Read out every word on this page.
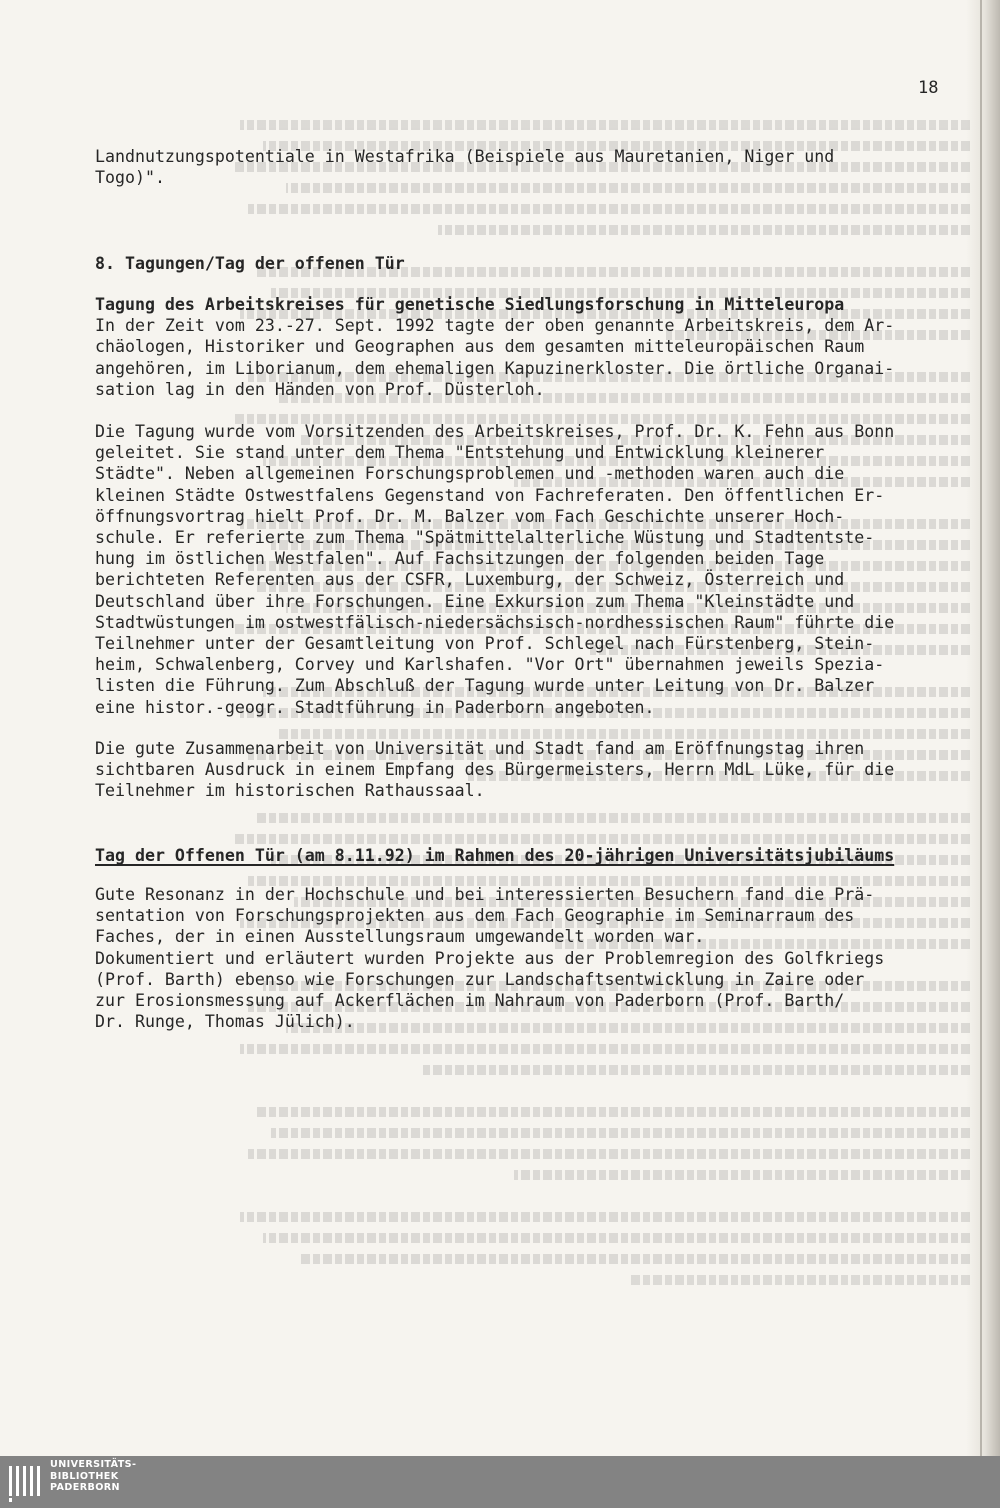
18
Landnutzungspotentiale in Westafrika (Beispiele aus Mauretanien, Niger und
Togo)".
8. Tagungen/Tag der offenen Tür
Tagung des Arbeitskreises für genetische Siedlungsforschung in Mitteleuropa
In der Zeit vom 23.-27. Sept. 1992 tagte der oben genannte Arbeitskreis, dem Ar-
chäologen, Historiker und Geographen aus dem gesamten mitteleuropäischen Raum
angehören, im Liborianum, dem ehemaligen Kapuzinerkloster. Die örtliche Organai-
sation lag in den Händen von Prof. Düsterloh.
Die Tagung wurde vom Vorsitzenden des Arbeitskreises, Prof. Dr. K. Fehn aus Bonn
geleitet. Sie stand unter dem Thema "Entstehung und Entwicklung kleinerer
Städte". Neben allgemeinen Forschungsproblemen und -methoden waren auch die
kleinen Städte Ostwestfalens Gegenstand von Fachreferaten. Den öffentlichen Er-
öffnungsvortrag hielt Prof. Dr. M. Balzer vom Fach Geschichte unserer Hoch-
schule. Er referierte zum Thema "Spätmittelalterliche Wüstung und Stadtentste-
hung im östlichen Westfalen". Auf Fachsitzungen der folgenden beiden Tage
berichteten Referenten aus der CSFR, Luxemburg, der Schweiz, Österreich und
Deutschland über ihre Forschungen. Eine Exkursion zum Thema "Kleinstädte und
Stadtwüstungen im ostwestfälisch-niedersächsisch-nordhessischen Raum" führte die
Teilnehmer unter der Gesamtleitung von Prof. Schlegel nach Fürstenberg, Stein-
heim, Schwalenberg, Corvey und Karlshafen. "Vor Ort" übernahmen jeweils Spezia-
listen die Führung. Zum Abschluß der Tagung wurde unter Leitung von Dr. Balzer
eine histor.-geogr. Stadtführung in Paderborn angeboten.
Die gute Zusammenarbeit von Universität und Stadt fand am Eröffnungstag ihren
sichtbaren Ausdruck in einem Empfang des Bürgermeisters, Herrn MdL Lüke, für die
Teilnehmer im historischen Rathaussaal.
Tag der Offenen Tür (am 8.11.92) im Rahmen des 20-jährigen Universitätsjubiläums
Gute Resonanz in der Hochschule und bei interessierten Besuchern fand die Prä-
sentation von Forschungsprojekten aus dem Fach Geographie im Seminarraum des
Faches, der in einen Ausstellungsraum umgewandelt worden war.
Dokumentiert und erläutert wurden Projekte aus der Problemregion des Golfkriegs
(Prof. Barth) ebenso wie Forschungen zur Landschaftsentwicklung in Zaire oder
zur Erosionsmessung auf Ackerflächen im Nahraum von Paderborn (Prof. Barth/
Dr. Runge, Thomas Jülich).
UNIVERSITÄTS-
BIBLIOTHEK
PADERBORN
